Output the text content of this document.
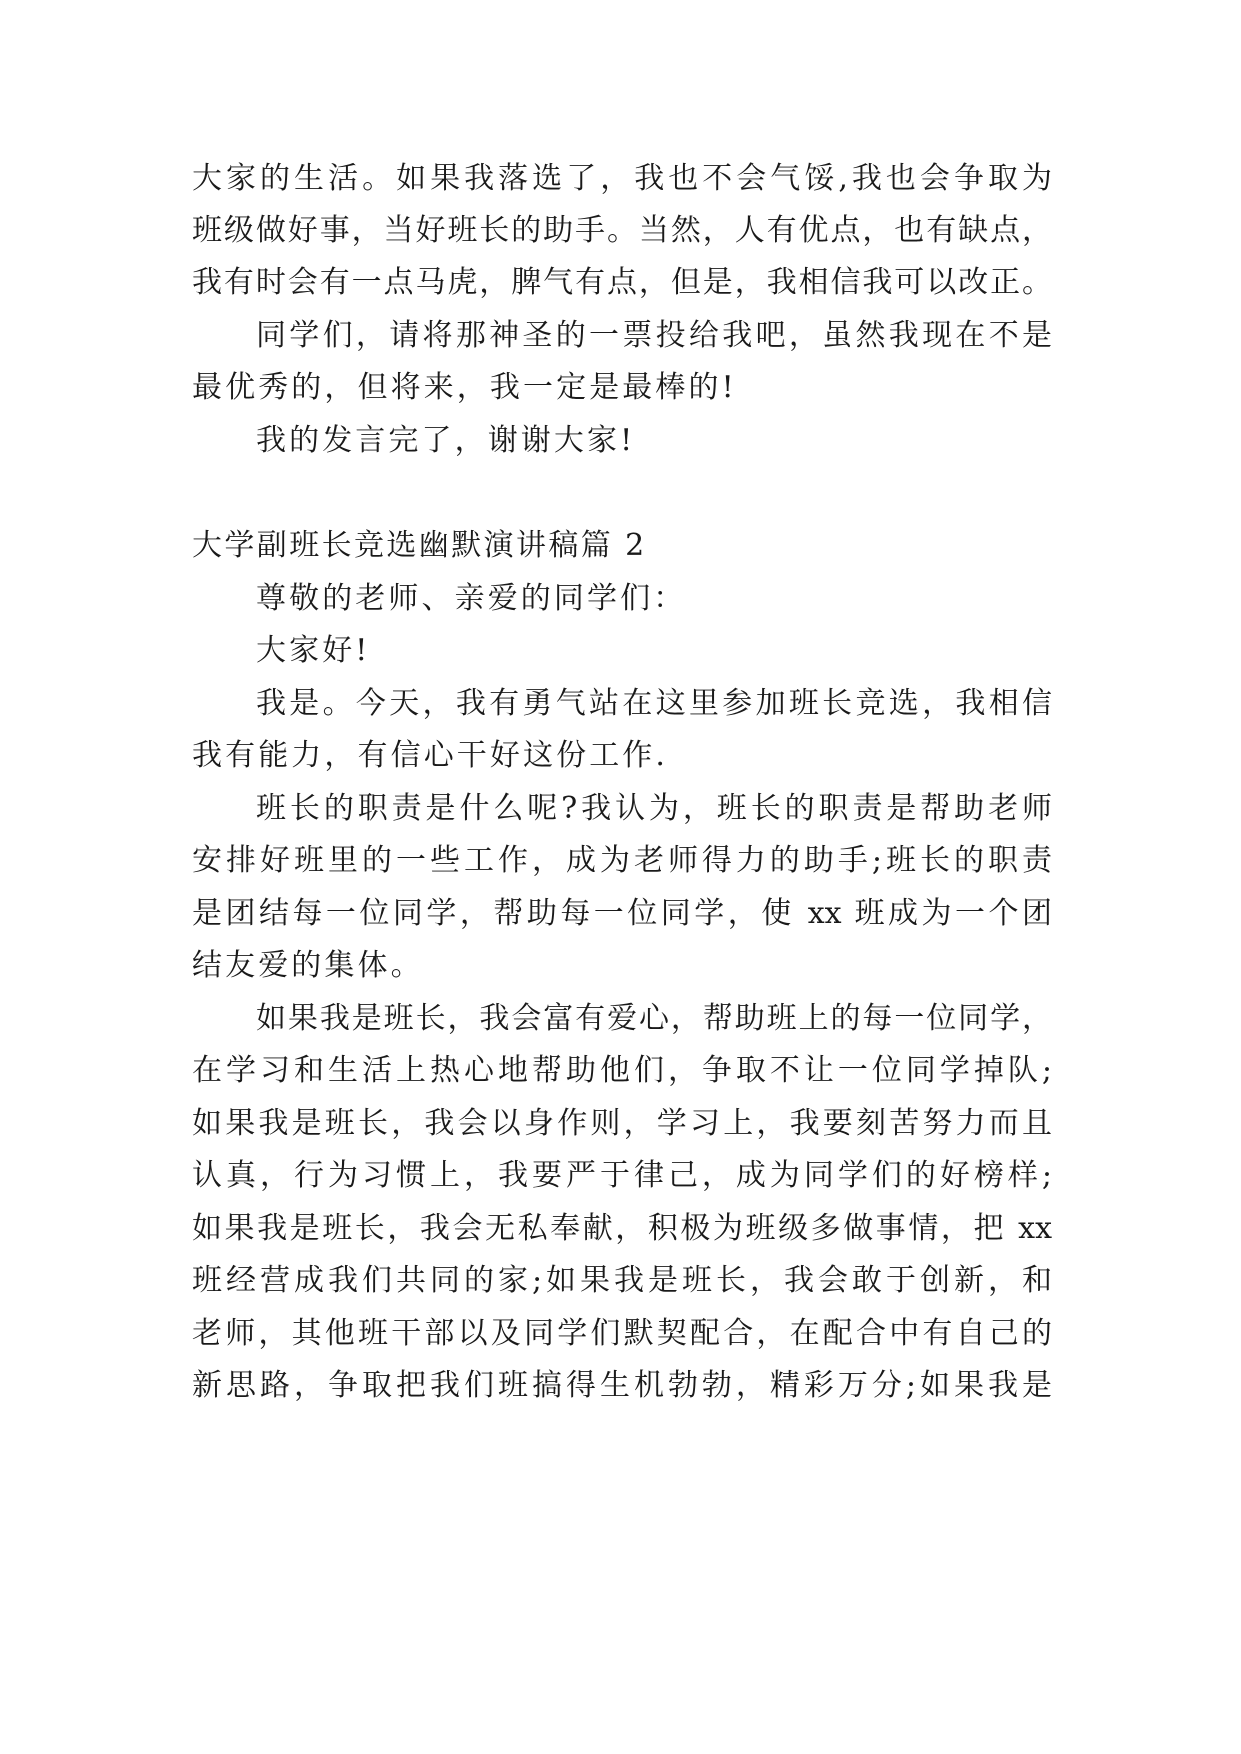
大家的生活。如果我落选了，我也不会气馁,我也会争取为
班级做好事，当好班长的助手。当然，人有优点，也有缺点，
我有时会有一点马虎，脾气有点，但是，我相信我可以改正。
同学们，请将那神圣的一票投给我吧，虽然我现在不是
最优秀的，但将来，我一定是最棒的!
我的发言完了，谢谢大家!
大学副班长竞选幽默演讲稿篇 2
尊敬的老师、亲爱的同学们：
大家好!
我是。今天，我有勇气站在这里参加班长竞选，我相信
我有能力，有信心干好这份工作.
班长的职责是什么呢?我认为，班长的职责是帮助老师
安排好班里的一些工作，成为老师得力的助手;班长的职责
是团结每一位同学，帮助每一位同学，使 xx 班成为一个团
结友爱的集体。
如果我是班长，我会富有爱心，帮助班上的每一位同学，
在学习和生活上热心地帮助他们，争取不让一位同学掉队;
如果我是班长，我会以身作则，学习上，我要刻苦努力而且
认真，行为习惯上，我要严于律己，成为同学们的好榜样;
如果我是班长，我会无私奉献，积极为班级多做事情，把 xx
班经营成我们共同的家;如果我是班长，我会敢于创新，和
老师，其他班干部以及同学们默契配合，在配合中有自己的
新思路，争取把我们班搞得生机勃勃，精彩万分;如果我是
